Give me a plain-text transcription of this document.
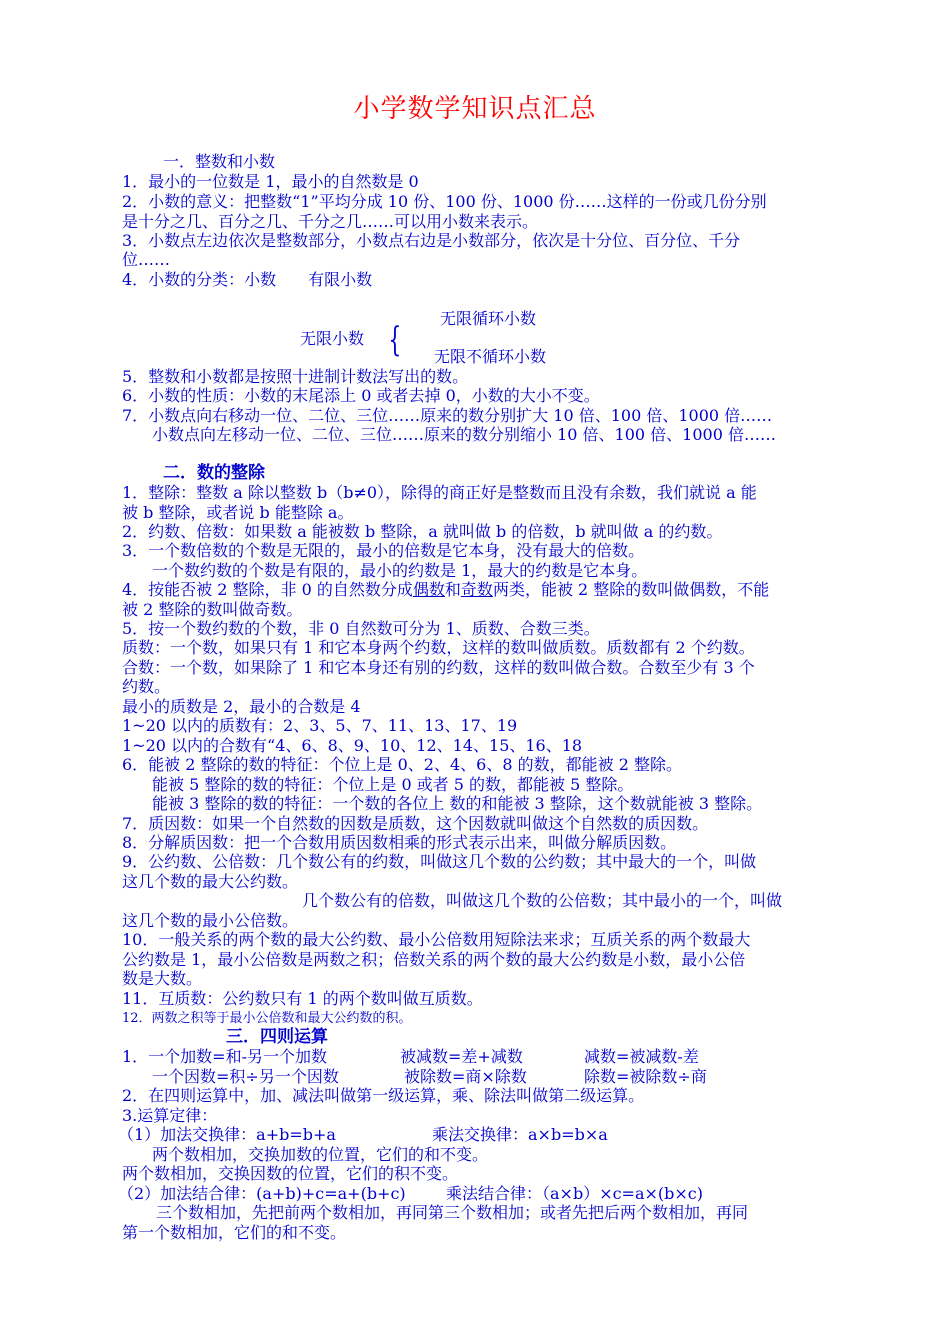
小学数学知识点汇总
一．整数和小数
1．最小的一位数是 1，最小的自然数是 0
2．小数的意义：把整数“1”平均分成 10 份、100 份、1000 份……这样的一份或几份分别
是十分之几、百分之几、千分之几……可以用小数来表示。
3．小数点左边依次是整数部分，小数点右边是小数部分，依次是十分位、百分位、千分
位……
4．小数的分类：小数　　有限小数
无限循环小数
无限小数 { 无限不循环小数
5．整数和小数都是按照十进制计数法写出的数。
6．小数的性质：小数的末尾添上 0 或者去掉 0，小数的大小不变。
7．小数点向右移动一位、二位、三位……原来的数分别扩大 10 倍、100 倍、1000 倍……
小数点向左移动一位、二位、三位……原来的数分别缩小 10 倍、100 倍、1000 倍……
二．数的整除
1．整除：整数 a 除以整数 b（b≠0），除得的商正好是整数而且没有余数，我们就说 a 能
被 b 整除，或者说 b 能整除 a。
2．约数、倍数：如果数 a 能被数 b 整除，a 就叫做 b 的倍数，b 就叫做 a 的约数。
3．一个数倍数的个数是无限的，最小的倍数是它本身，没有最大的倍数。
一个数约数的个数是有限的，最小的约数是 1，最大的约数是它本身。
4．按能否被 2 整除，非 0 的自然数分成偶数和奇数两类，能被 2 整除的数叫做偶数，不能
被 2 整除的数叫做奇数。
5．按一个数约数的个数，非 0 自然数可分为 1、质数、合数三类。
质数：一个数，如果只有 1 和它本身两个约数，这样的数叫做质数。质数都有 2 个约数。
合数：一个数，如果除了 1 和它本身还有别的约数，这样的数叫做合数。合数至少有 3 个
约数。
最小的质数是 2，最小的合数是 4
1~20 以内的质数有：2、3、5、7、11、13、17、19
1~20 以内的合数有“4、6、8、9、10、12、14、15、16、18
6．能被 2 整除的数的特征：个位上是 0、2、4、6、8 的数，都能被 2 整除。
能被 5 整除的数的特征：个位上是 0 或者 5 的数，都能被 5 整除。
能被 3 整除的数的特征：一个数的各位上 数的和能被 3 整除，这个数就能被 3 整除。
7．质因数：如果一个自然数的因数是质数，这个因数就叫做这个自然数的质因数。
8．分解质因数：把一个合数用质因数相乘的形式表示出来，叫做分解质因数。
9．公约数、公倍数：几个数公有的约数，叫做这几个数的公约数；其中最大的一个，叫做
这几个数的最大公约数。
几个数公有的倍数，叫做这几个数的公倍数；其中最小的一个，叫做
这几个数的最小公倍数。
10．一般关系的两个数的最大公约数、最小公倍数用短除法来求；互质关系的两个数最大
公约数是 1，最小公倍数是两数之积；倍数关系的两个数的最大公约数是小数，最小公倍
数是大数。
11．互质数：公约数只有 1 的两个数叫做互质数。
12．两数之积等于最小公倍数和最大公约数的积。
三．四则运算
1．一个加数=和-另一个加数	被减数=差+减数	减数=被减数-差
一个因数=积÷另一个因数	被除数=商×除数	除数=被除数÷商
2．在四则运算中，加、减法叫做第一级运算，乘、除法叫做第二级运算。
3.运算定律：
（1）加法交换律：a+b=b+a	乘法交换律：a×b=b×a
两个数相加，交换加数的位置，它们的和不变。
两个数相加，交换因数的位置，它们的积不变。
（2）加法结合律：(a+b)+c=a+(b+c)	乘法结合律：（a×b）×c=a×(b×c)
三个数相加，先把前两个数相加，再同第三个数相加；或者先把后两个数相加，再同
第一个数相加，它们的和不变。
